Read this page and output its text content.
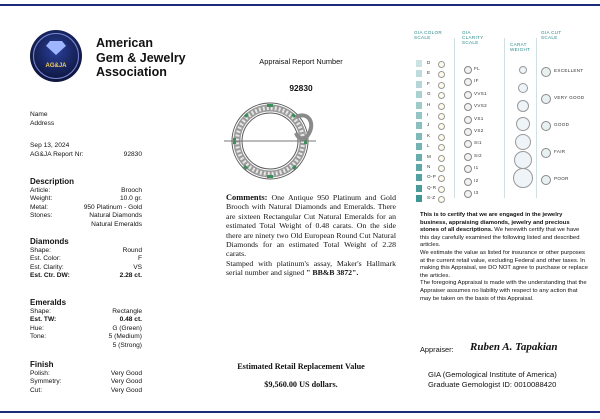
AG&JA
American
Gem & Jewelry
Association
Appraisal Report Number
92830
Name
Address
Sep 13, 2024
AG&JA Report Nr:	92830
Description
Diamonds
Emeralds
Finish
Article:	Brooch
Weight:	10.0 gr.
Metal:	950 Platinum - Gold
Stones:	Natural Diamonds
Natural Emeralds
Shape:	Round
Est. Color:	F
Est. Clarity:	VS
Est. Ctr. DW:	2.28 ct.
Shape:	Rectangle
Est. TW:	0.48 ct.
Hue:	G (Green)
Tone:	5 (Medium)
5 (Strong)
Polish:	Very Good
Symmetry:	Very Good
Cut:	Very Good
Comments: One Antique 950 Platinum and Gold Brooch with Natural Diamonds and Emeralds. There are sixteen Rectangular Cut Natural Emeralds for an estimated Total Weight of 0.48 carats. On the side there are ninety two Old European Round Cut Natural Diamonds for an estimated Total Weight of 2.28 carats.
Stamped with platinum's assay, Maker's Hallmark serial number and signed " BB&B 3872".
Estimated Retail Replacement Value
$9,560.00 US dollars.
GIA COLOR SCALE
GIA CLARITY SCALE	CARAT WEIGHT
GIA CUT SCALE
D
E
F
G
H
I
J
K
L
M
N
O-P
Q-R
S-Z
FL
IF
VVS1
VVS2
VS1
VS2
SI1
SI2
I1
I2
I3
EXCELLENT
VERY GOOD
GOOD
FAIR
POOR
This is to certify that we are engaged in the jewelry business, appraising diamonds, jewelry and precious stones of all descriptions. We herewith certify that we have this day carefully examined the following listed and described articles.
We estimate the value as listed for insurance or other purposes at the current retail value, excluding Federal and other taxes. In making this Appraisal, we DO NOT agree to purchase or replace the articles.
The foregoing Appraisal is made with the understanding that the Appraiser assumes no liability with respect to any action that may be taken on the basis of this Appraisal.
Appraiser: Ruben A. Tapakian
GIA (Gemological Institute of America)
Graduate Gemologist ID: 0010088420
